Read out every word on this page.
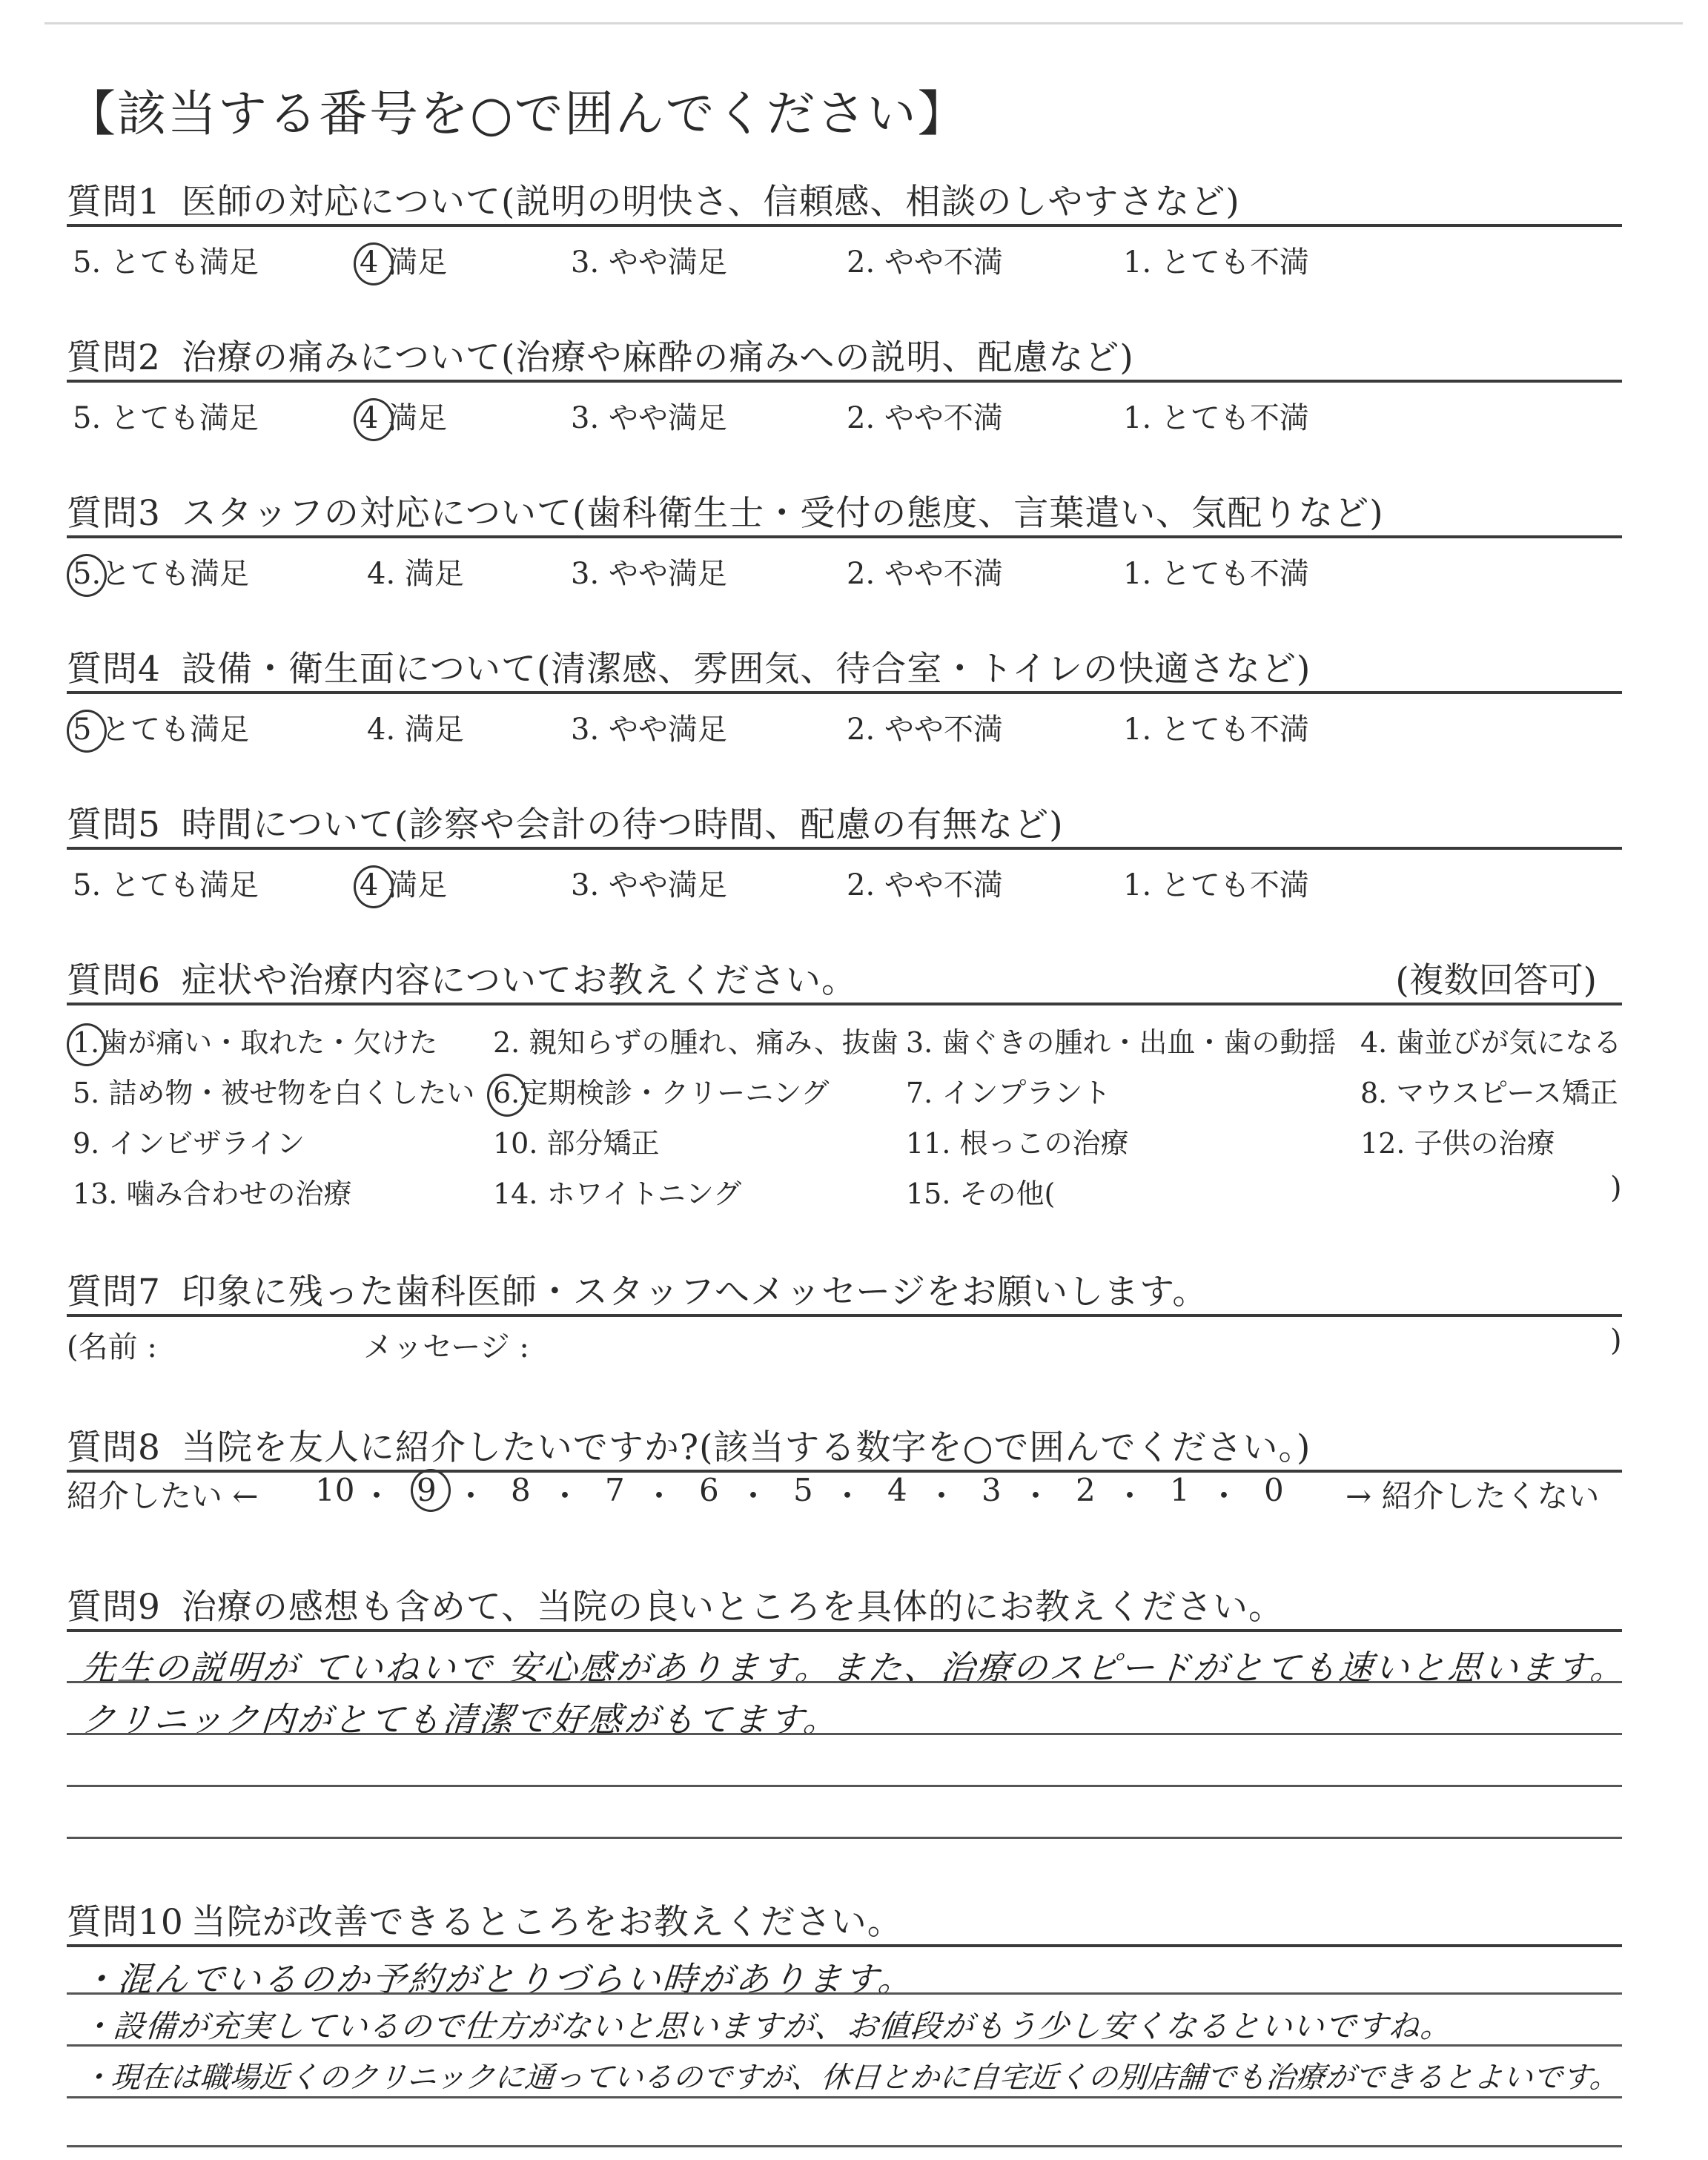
【該当する番号を○で囲んでください】
質問1 医師の対応について(説明の明快さ、信頼感、相談のしやすさなど)
5. とても満足	4 満足	3. やや満足	2. やや不満	1. とても不満
質問2 治療の痛みについて(治療や麻酔の痛みへの説明、配慮など)
5. とても満足	4 満足	3. やや満足	2. やや不満	1. とても不満
質問3 スタッフの対応について(歯科衛生士・受付の態度、言葉遣い、気配りなど)
5.とても満足	4. 満足	3. やや満足	2. やや不満	1. とても不満
質問4 設備・衛生面について(清潔感、雰囲気、待合室・トイレの快適さなど)
5 とても満足	4. 満足	3. やや満足	2. やや不満	1. とても不満
質問5 時間について(診察や会計の待つ時間、配慮の有無など)
5. とても満足	4 満足	3. やや満足	2. やや不満	1. とても不満
質問6 症状や治療内容についてお教えください。	(複数回答可)
1.歯が痛い・取れた・欠けた 2. 親知らずの腫れ、痛み、抜歯 3. 歯ぐきの腫れ・出血・歯の動揺 4. 歯並びが気になる
5. 詰め物・被せ物を白くしたい 6.定期検診・クリーニング	7. インプラント	8. マウスピース矯正
9. インビザライン	10. 部分矯正	11. 根っこの治療	12. 子供の治療
13. 噛み合わせの治療	14. ホワイトニング	15. その他(	)
質問7 印象に残った歯科医師・スタッフへメッセージをお願いします。
(名前 :	メッセージ :	)
質問8 当院を友人に紹介したいですか?(該当する数字を○で囲んでください。)
紹介したい ← 10 ・ 9 ・ 8 ・ 7 ・ 6 ・ 5 ・ 4 ・ 3 ・ 2 ・ 1 ・ 0 → 紹介したくない
質問9 治療の感想も含めて、当院の良いところを具体的にお教えください。
先生の説明が ていねいで 安心感があります。また、治療のスピードがとても速いと思います。
クリニック内がとても清潔で好感がもてます。
質問10 当院が改善できるところをお教えください。
・混んでいるのか予約がとりづらい時があります。
・設備が充実しているので仕方がないと思いますが、お値段がもう少し安くなるといいですね。
・現在は職場近くのクリニックに通っているのですが、休日とかに自宅近くの別店舗でも治療ができるとよいです。
